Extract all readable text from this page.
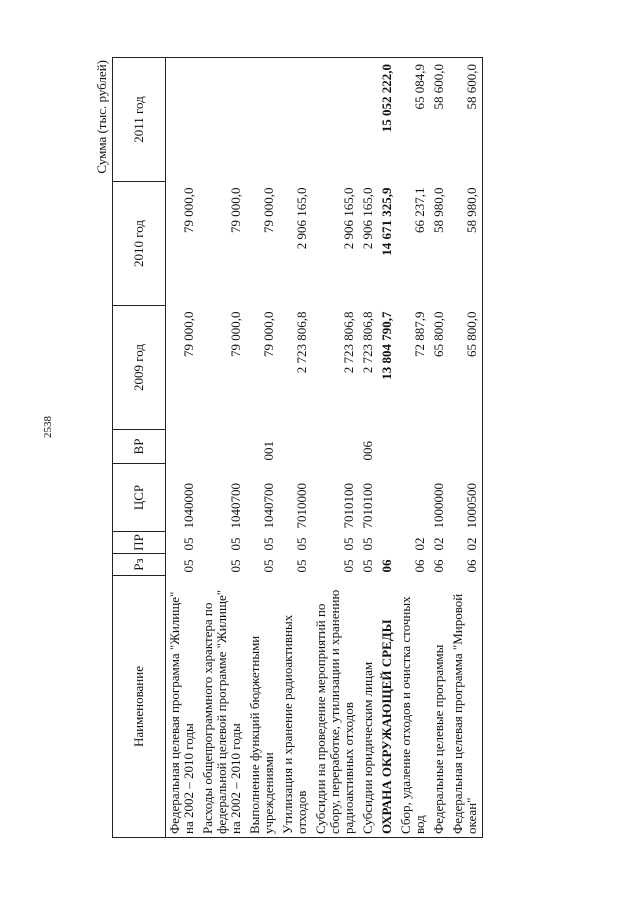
2538
Сумма (тыс. рублей)
Наименование	Рз	ПР	ЦСР	ВР	2009 год	2010 год	2011 год
Федеральная целевая программа "Жилище" на 2002 – 2010 годы	05	05	1040000		79 000,0	79 000,0	
Расходы общепрограммного характера по федеральной целевой программе "Жилище" на 2002 – 2010 годы	05	05	1040700		79 000,0	79 000,0	
Выполнение функций бюджетными учреждениями	05	05	1040700	001	79 000,0	79 000,0	
Утилизация и хранение радиоактивных отходов	05	05	7010000		2 723 806,8	2 906 165,0	
Субсидии на проведение мероприятий по сбору, переработке, утилизации и хранению радиоактивных отходов	05	05	7010100		2 723 806,8	2 906 165,0	
Субсидии юридическим лицам	05	05	7010100	006	2 723 806,8	2 906 165,0	
ОХРАНА ОКРУЖАЮЩЕЙ СРЕДЫ	06				13 804 790,7	14 671 325,9	15 052 222,0
Сбор, удаление отходов и очистка сточных вод	06	02			72 887,9	66 237,1	65 084,9
Федеральные целевые программы	06	02	1000000		65 800,0	58 980,0	58 600,0
Федеральная целевая программа "Мировой океан"	06	02	1000500		65 800,0	58 980,0	58 600,0
